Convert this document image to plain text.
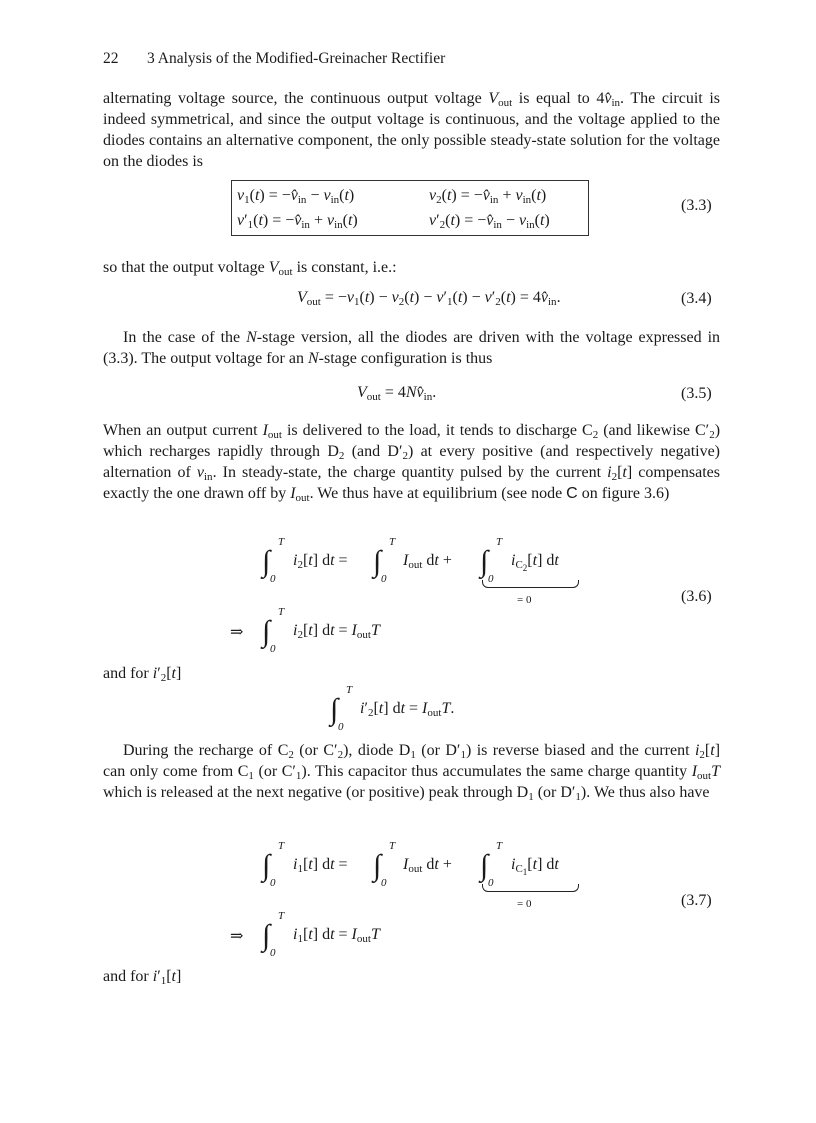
22 3 Analysis of the Modified-Greinacher Rectifier

alternating voltage source, the continuous output voltage $V_{out}$ is equal to $4v̂_{in}$. The circuit is indeed symmetrical, and since the output voltage is continuous, and the voltage applied to the diodes contains an alternative component, the only possible steady-state solution for the voltage on the diodes is

$v_1(t)$ = $-v̂_{in} - v_{in}(t)$	$v_2(t)$ = $-v̂_{in} + v_{in}(t)$
$v'_1(t)$ = $-v̂_{in} + v_{in}(t)$	$v'_2(t)$ = $-v̂_{in} - v_{in}(t)$
(3.3)

so that the output voltage $V_{out}$ is constant, i.e.:

$V_{out} = -v_1(t) - v_2(t) - v'_1(t) - v'_2(t)$ = $4v̂_{in}$.	(3.4)

In the case of the N-stage version, all the diodes are driven with the voltage expressed in (3.3). The output voltage for an N-stage configuration is thus

$V_{out}$ = $4Nv̂_{in}$.	(3.5)

When an output current $I_{out}$ is delivered to the load, it tends to discharge $C_2$ (and likewise $C'_2$) which recharges rapidly through $D_2$ (and $D'_2$) at every positive (and respectively negative) alternation of $v_{in}$. In steady-state, the charge quantity pulsed by the current $i_2[t]$ compensates exactly the one drawn off by $I_{out}$. We thus have at equilibrium (see node C on figure 3.6)

∫
T
0
$i_2[t]$ dt = ∫
T
0
$I_{out}$ dt + ∫
T
0
$i_{C_2}[t]$ dt
= 0
⇒ ∫
T
0
$i_2[t]$ dt = $I_{out}T$
(3.6)
and for $i'_2[t]$
∫
T
0
$i'_2[t]$ dt = $I_{out}T$.

During the recharge of $C_2$ (or $C'_2$), diode $D_1$ (or $D'_1$) is reverse biased and the current $i_2[t]$ can only come from $C_1$ (or $C'_1$). This capacitor thus accumulates the same charge quantity $I_{out}T$ which is released at the next negative (or positive) peak through $D_1$ (or $D'_1$). We thus also have

∫
T
0
$i_1[t]$ dt = ∫
T
0
$I_{out}$ dt + ∫
T
0
$i_{C_1}[t]$ dt
= 0
⇒ ∫
T
0
$i_1[t]$ dt = $I_{out}T$
(3.7)
and for $i'_1[t]$
